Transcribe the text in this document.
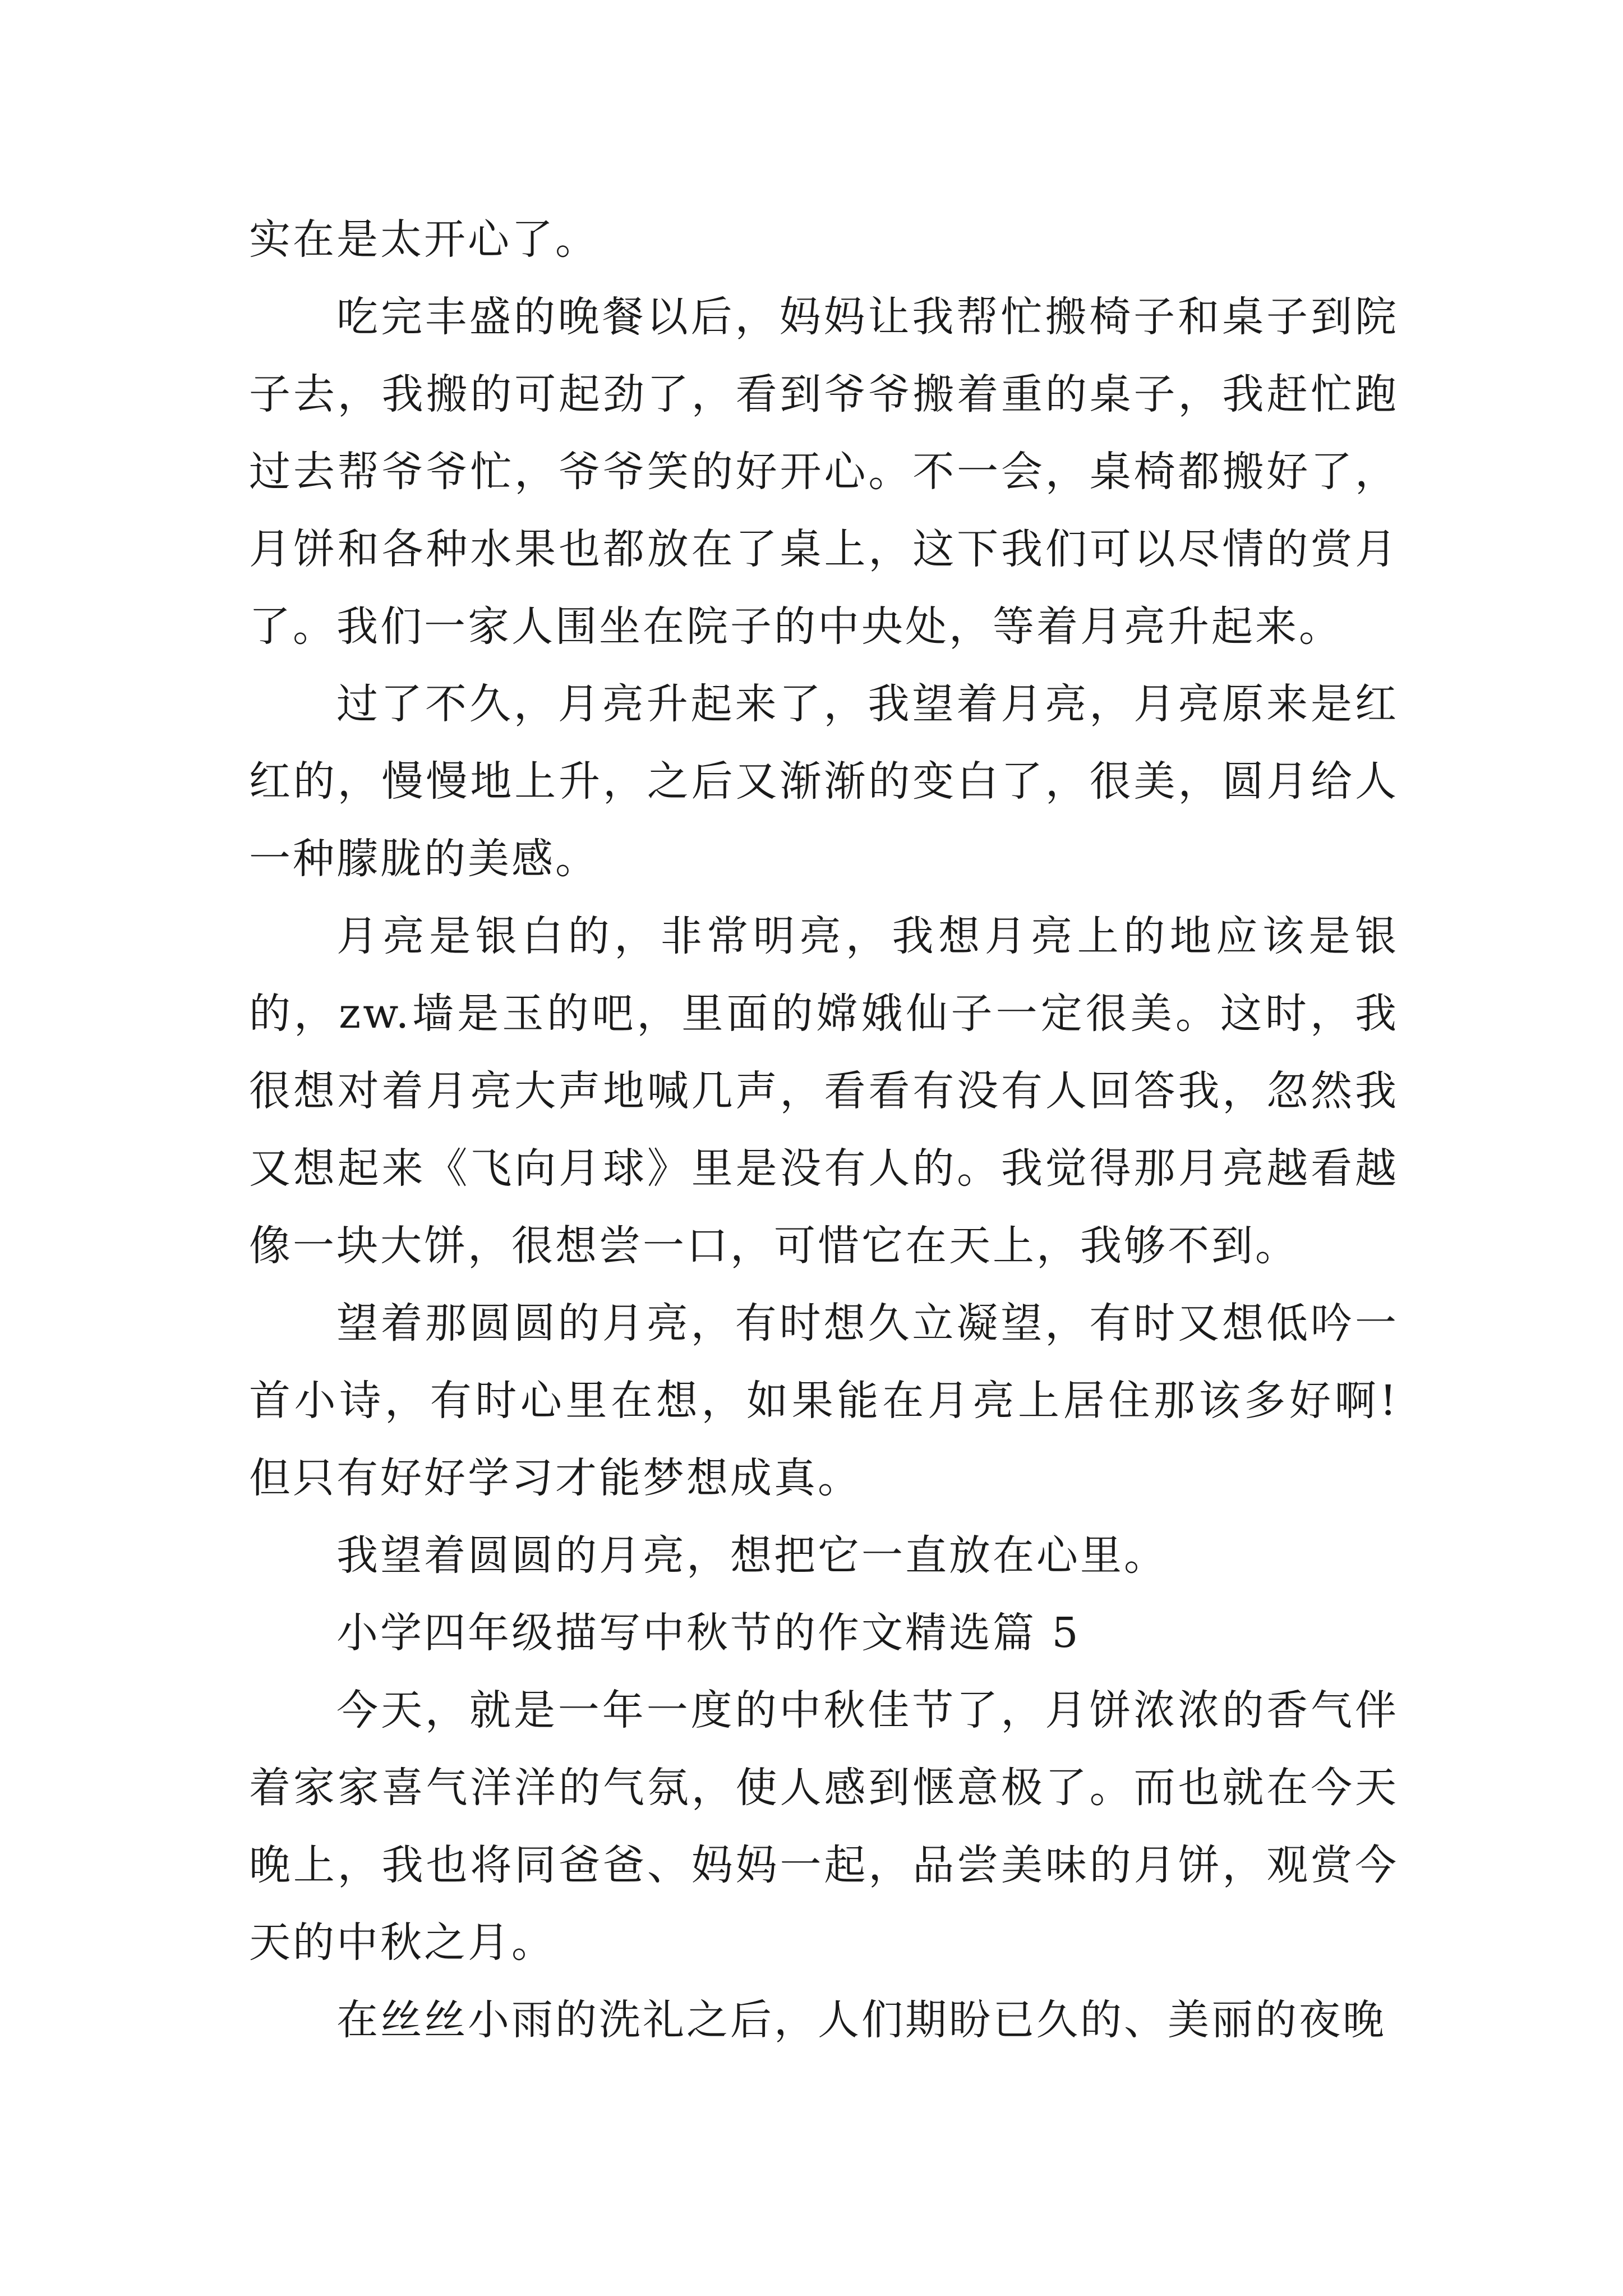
实在是太开心了。

吃完丰盛的晚餐以后，妈妈让我帮忙搬椅子和桌子到院子去，我搬的可起劲了，看到爷爷搬着重的桌子，我赶忙跑过去帮爷爷忙，爷爷笑的好开心。不一会，桌椅都搬好了，月饼和各种水果也都放在了桌上，这下我们可以尽情的赏月了。我们一家人围坐在院子的中央处，等着月亮升起来。

过了不久，月亮升起来了，我望着月亮，月亮原来是红红的，慢慢地上升，之后又渐渐的变白了，很美，圆月给人一种朦胧的美感。

月亮是银白的，非常明亮，我想月亮上的地应该是银的，zw.墙是玉的吧，里面的嫦娥仙子一定很美。这时，我很想对着月亮大声地喊几声，看看有没有人回答我，忽然我又想起来《飞向月球》里是没有人的。我觉得那月亮越看越像一块大饼，很想尝一口，可惜它在天上，我够不到。

望着那圆圆的月亮，有时想久立凝望，有时又想低吟一首小诗，有时心里在想，如果能在月亮上居住那该多好啊!但只有好好学习才能梦想成真。

我望着圆圆的月亮，想把它一直放在心里。

小学四年级描写中秋节的作文精选篇 5

今天，就是一年一度的中秋佳节了，月饼浓浓的香气伴着家家喜气洋洋的气氛，使人感到惬意极了。而也就在今天晚上，我也将同爸爸、妈妈一起，品尝美味的月饼，观赏今天的中秋之月。

在丝丝小雨的洗礼之后，人们期盼已久的、美丽的夜晚
